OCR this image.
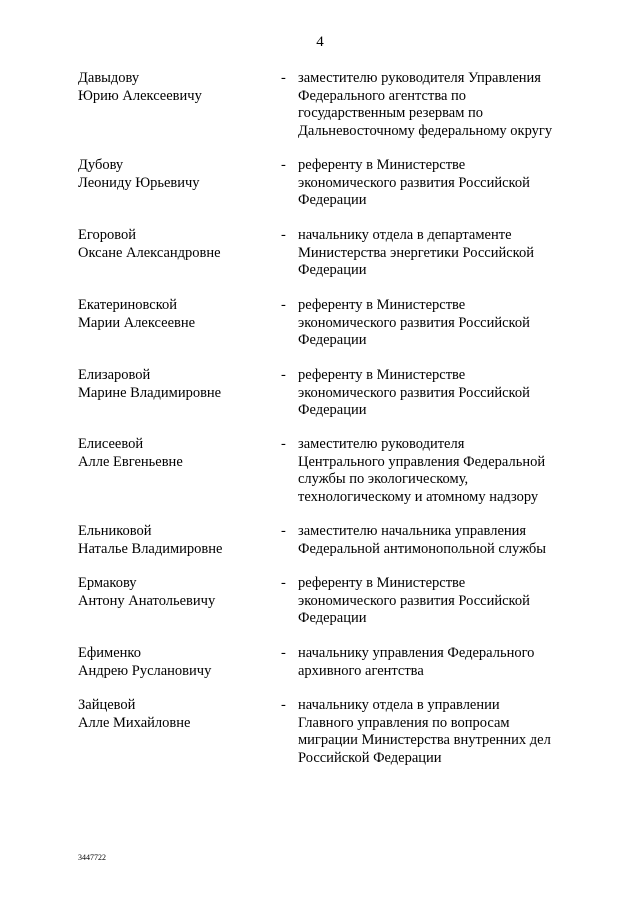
4
Давыдову
Юрию Алексеевичу
- заместителю руководителя Управления
Федерального агентства по
государственным резервам по
Дальневосточному федеральному округу
Дубову
Леониду Юрьевичу
- референту в Министерстве
экономического развития Российской
Федерации
Егоровой
Оксане Александровне
- начальнику отдела в департаменте
Министерства энергетики Российской
Федерации
Екатериновской
Марии Алексеевне
- референту в Министерстве
экономического развития Российской
Федерации
Елизаровой
Марине Владимировне
- референту в Министерстве
экономического развития Российской
Федерации
Елисеевой
Алле Евгеньевне
- заместителю руководителя
Центрального управления Федеральной
службы по экологическому,
технологическому и атомному надзору
Ельниковой
Наталье Владимировне
- заместителю начальника управления
Федеральной антимонопольной службы
Ермакову
Антону Анатольевичу
- референту в Министерстве
экономического развития Российской
Федерации
Ефименко
Андрею Руслановичу
- начальнику управления Федерального
архивного агентства
Зайцевой
Алле Михайловне
- начальнику отдела в управлении
Главного управления по вопросам
миграции Министерства внутренних дел
Российской Федерации
3447722
